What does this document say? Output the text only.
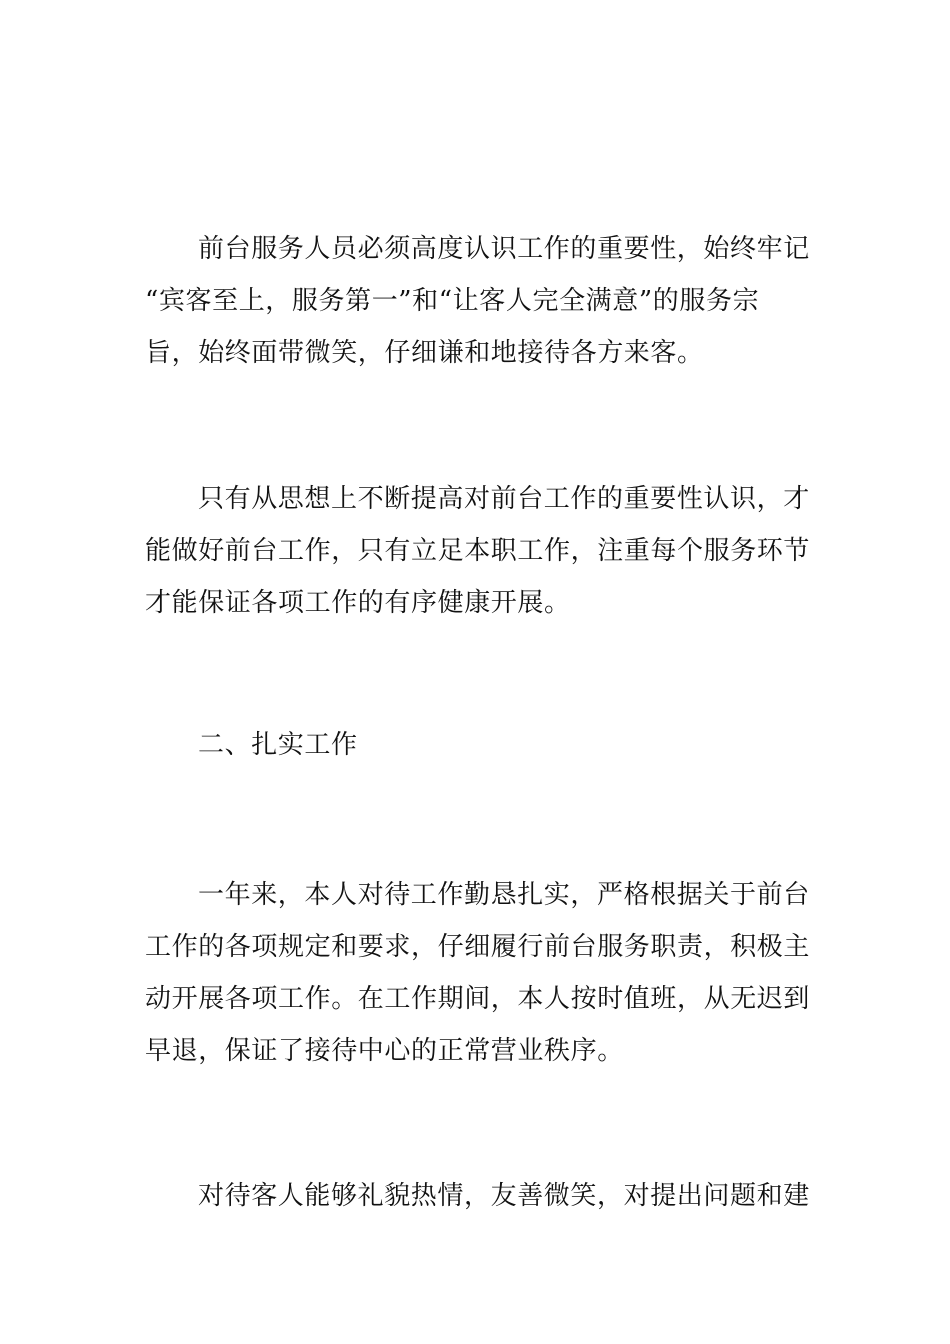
前台服务人员必须高度认识工作的重要性，始终牢记
“宾客至上，服务第一”和“让客人完全满意”的服务宗
旨，始终面带微笑，仔细谦和地接待各方来客。

只有从思想上不断提高对前台工作的重要性认识，才
能做好前台工作，只有立足本职工作，注重每个服务环节
才能保证各项工作的有序健康开展。

二、扎实工作

一年来，本人对待工作勤恳扎实，严格根据关于前台
工作的各项规定和要求，仔细履行前台服务职责，积极主
动开展各项工作。在工作期间，本人按时值班，从无迟到
早退，保证了接待中心的正常营业秩序。

对待客人能够礼貌热情，友善微笑，对提出问题和建
